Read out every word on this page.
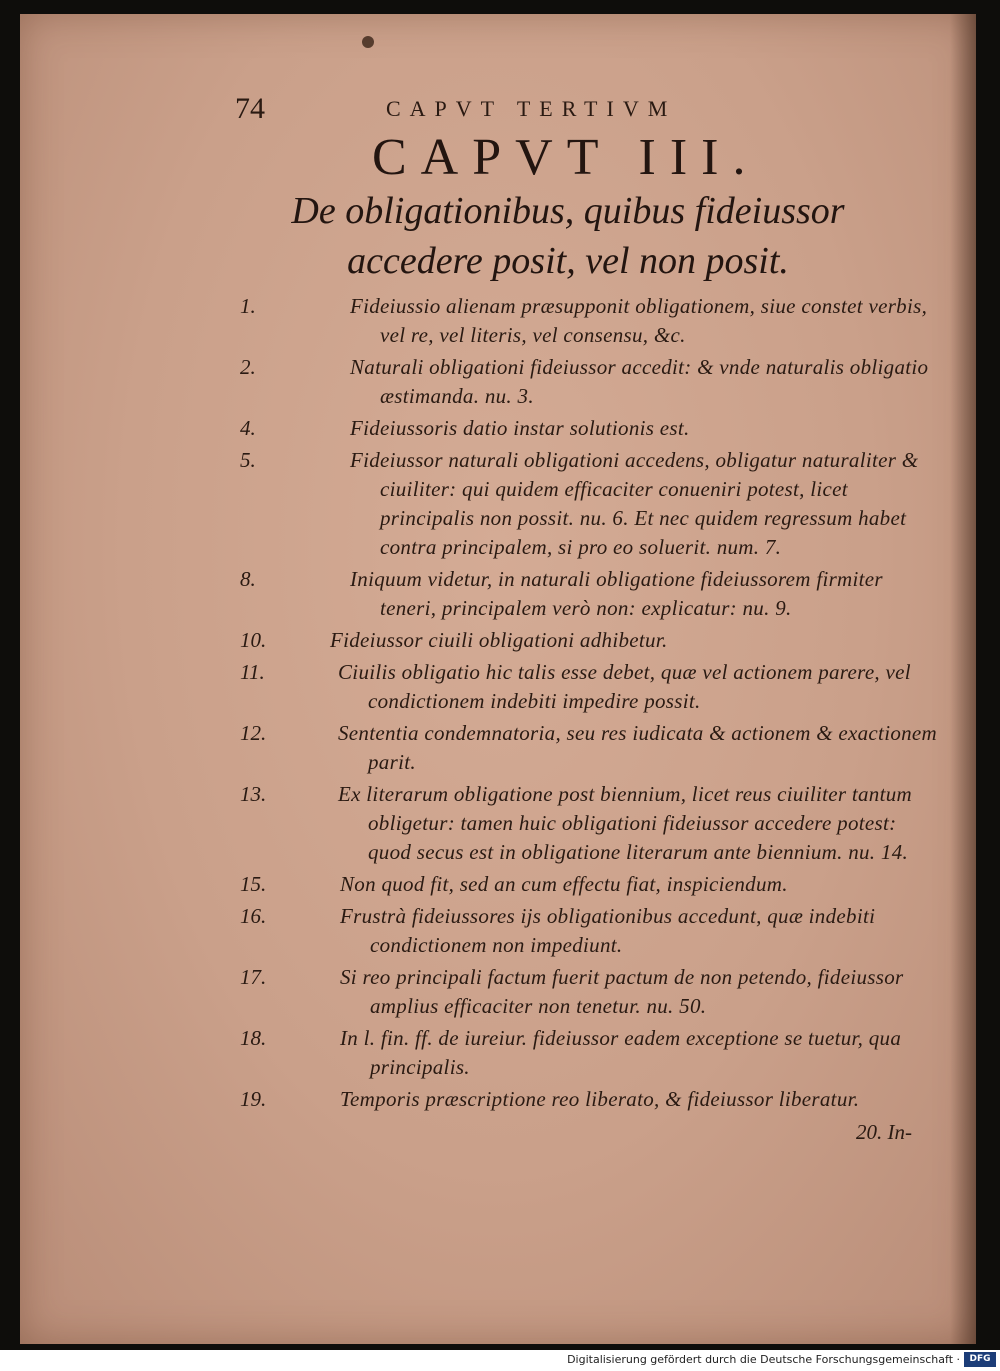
74	CAPVT TERTIVM
CAPVT III.
De obligationibus, quibus fideiussor accedere posit, vel non posit.
1.	Fideiussio alienam præsupponit obligationem, siue constet verbis, vel re, vel literis, vel consensu, &c.
2.	Naturali obligationi fideiussor accedit: & vnde naturalis obligatio æstimanda. nu. 3.
4.	Fideiussoris datio instar solutionis est.
5.	Fideiussor naturali obligationi accedens, obligatur naturaliter & ciuiliter: qui quidem efficaciter conueniri potest, licet principalis non possit. nu. 6. Et nec quidem regressum habet contra principalem, si pro eo soluerit. num. 7.
8.	Iniquum videtur, in naturali obligatione fideiussorem firmiter teneri, principalem verò non: explicatur: nu. 9.
10.	Fideiussor ciuili obligationi adhibetur.
11.	Ciuilis obligatio hic talis esse debet, quæ vel actionem parere, vel condictionem indebiti impedire possit.
12.	Sententia condemnatoria, seu res iudicata & actionem & exactionem parit.
13.	Ex literarum obligatione post biennium, licet reus ciuiliter tantum obligetur: tamen huic obligationi fideiussor accedere potest: quod secus est in obligatione literarum ante biennium. nu. 14.
15.	Non quod fit, sed an cum effectu fiat, inspiciendum.
16.	Frustrà fideiussores ijs obligationibus accedunt, quæ indebiti condictionem non impediunt.
17.	Si reo principali factum fuerit pactum de non petendo, fideiussor amplius efficaciter non tenetur. nu. 50.
18.	In l. fin. ff. de iureiur. fideiussor eadem exceptione se tuetur, qua principalis.
19.	Temporis præscriptione reo liberato, & fideiussor liberatur.
20. In-
Digitalisierung gefördert durch die Deutsche Forschungsgemeinschaft ·	DFG
